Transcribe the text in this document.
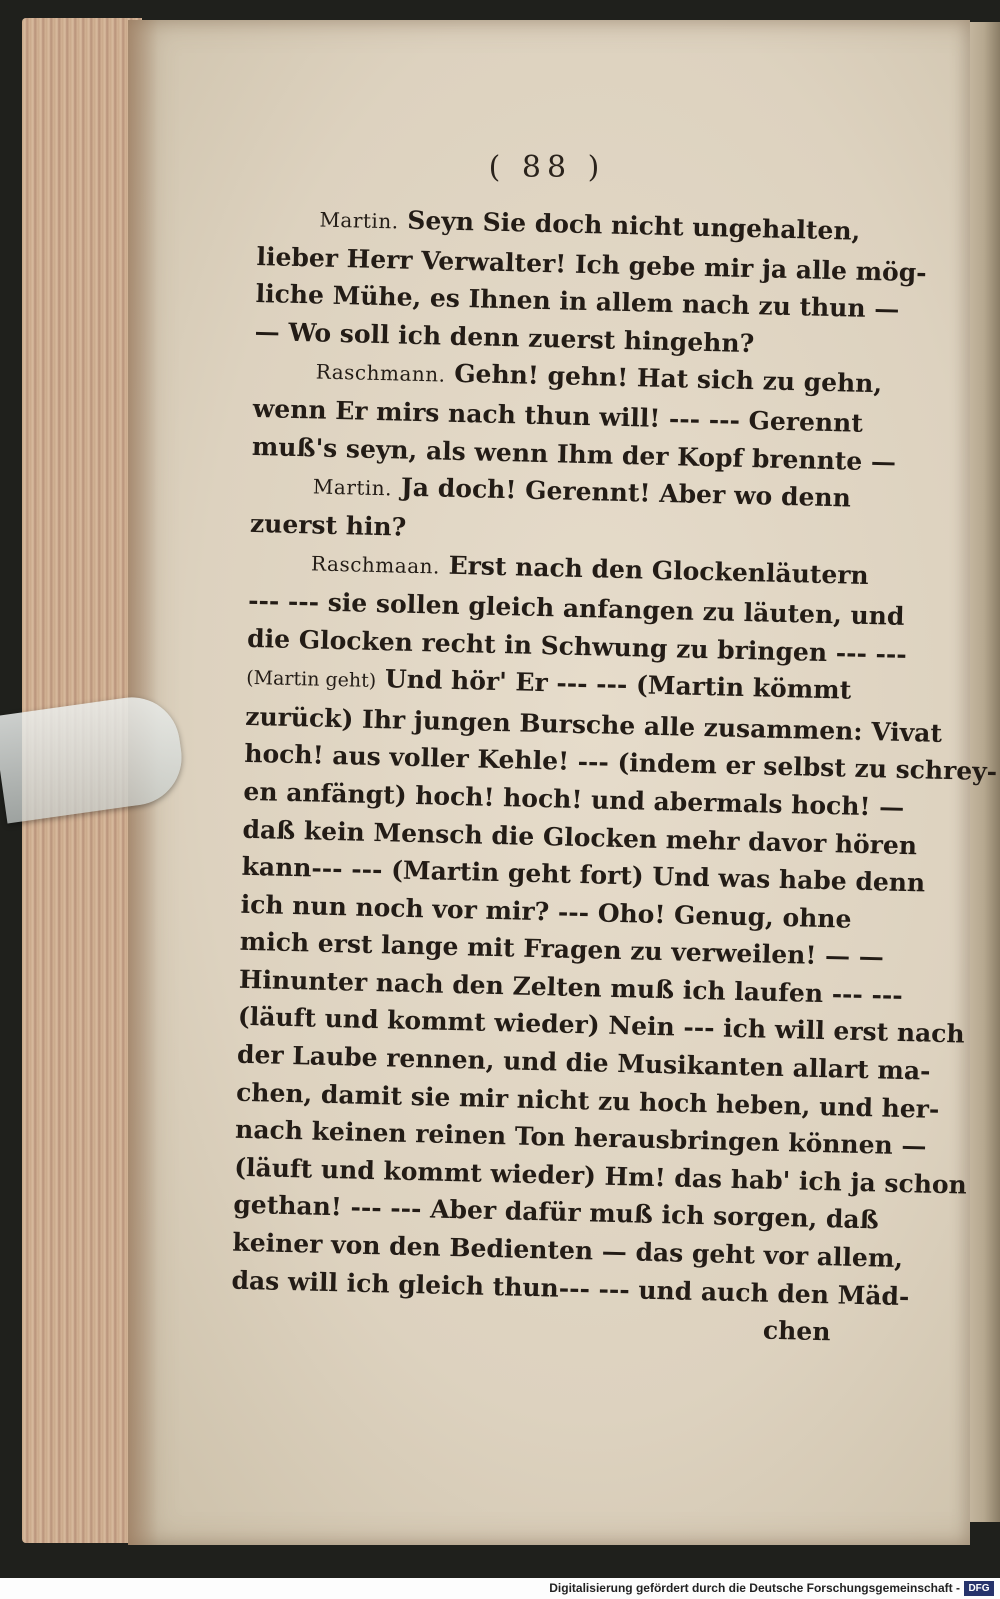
( 88 )
Martin. Seyn Sie doch nicht ungehalten,
lieber Herr Verwalter! Ich gebe mir ja alle mög-
liche Mühe, es Ihnen in allem nach zu thun —
— Wo soll ich denn zuerst hingehn?
Raschmann. Gehn! gehn! Hat sich zu gehn,
wenn Er mirs nach thun will! --- --- Gerennt
muß's seyn, als wenn Ihm der Kopf brennte —
Martin. Ja doch! Gerennt! Aber wo denn
zuerst hin?
Raschmaan. Erst nach den Glockenläutern
--- --- sie sollen gleich anfangen zu läuten, und
die Glocken recht in Schwung zu bringen --- ---
(Martin geht) Und hör' Er --- --- (Martin kömmt
zurück) Ihr jungen Bursche alle zusammen: Vivat
hoch! aus voller Kehle! --- (indem er selbst zu schrey-
en anfängt) hoch! hoch! und abermals hoch! —
daß kein Mensch die Glocken mehr davor hören
kann--- --- (Martin geht fort) Und was habe denn
ich nun noch vor mir? --- Oho! Genug, ohne
mich erst lange mit Fragen zu verweilen! — —
Hinunter nach den Zelten muß ich laufen --- ---
(läuft und kommt wieder) Nein --- ich will erst nach
der Laube rennen, und die Musikanten allart ma-
chen, damit sie mir nicht zu hoch heben, und her-
nach keinen reinen Ton herausbringen können —
(läuft und kommt wieder) Hm! das hab' ich ja schon
gethan! --- --- Aber dafür muß ich sorgen, daß
keiner von den Bedienten — das geht vor allem,
das will ich gleich thun--- --- und auch den Mäd-
chen
Digitalisierung gefördert durch die Deutsche Forschungsgemeinschaft - DFG
